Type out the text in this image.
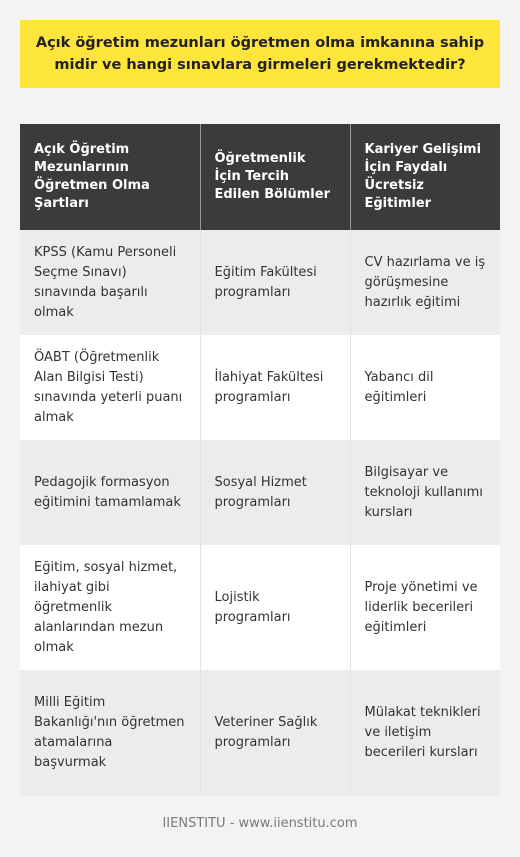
Açık öğretim mezunları öğretmen olma imkanına sahip midir ve hangi sınavlara girmeleri gerekmektedir?
Açık Öğretim Mezunlarının Öğretmen Olma Şartları	Öğretmenlik İçin Tercih Edilen Bölümler	Kariyer Gelişimi İçin Faydalı Ücretsiz Eğitimler
KPSS (Kamu Personeli Seçme Sınavı) sınavında başarılı olmak	Eğitim Fakültesi programları	CV hazırlama ve iş görüşmesine hazırlık eğitimi
ÖABT (Öğretmenlik Alan Bilgisi Testi) sınavında yeterli puanı almak	İlahiyat Fakültesi programları	Yabancı dil eğitimleri
Pedagojik formasyon eğitimini tamamlamak	Sosyal Hizmet programları	Bilgisayar ve teknoloji kullanımı kursları
Eğitim, sosyal hizmet, ilahiyat gibi öğretmenlik alanlarından mezun olmak	Lojistik programları	Proje yönetimi ve liderlik becerileri eğitimleri
Milli Eğitim Bakanlığı'nın öğretmen atamalarına başvurmak	Veteriner Sağlık programları	Mülakat teknikleri ve iletişim becerileri kursları
IIENSTITU - www.iienstitu.com
